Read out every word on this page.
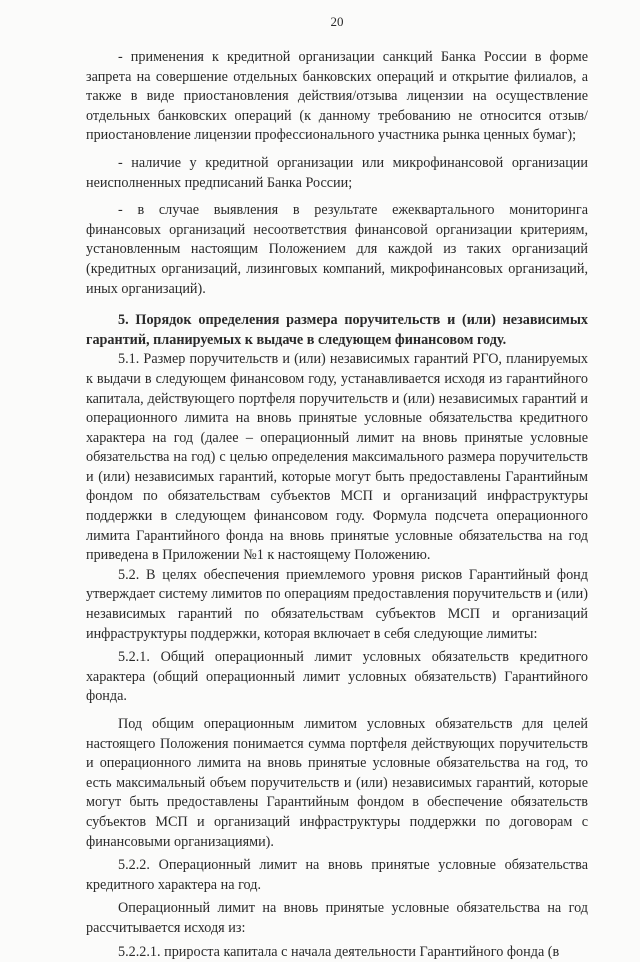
20

- применения к кредитной организации санкций Банка России в форме запрета на совершение отдельных банковских операций и открытие филиалов, а также в виде приостановления действия/отзыва лицензии на осуществление отдельных банковских операций (к данному требованию не относится отзыв/приостановление лицензии профессионального участника рынка ценных бумаг);

- наличие у кредитной организации или микрофинансовой организации неисполненных предписаний Банка России;

- в случае выявления в результате ежеквартального мониторинга финансовых организаций несоответствия финансовой организации критериям, установленным настоящим Положением для каждой из таких организаций (кредитных организаций, лизинговых компаний, микрофинансовых организаций, иных организаций).

5. Порядок определения размера поручительств и (или) независимых гарантий, планируемых к выдаче в следующем финансовом году.

5.1. Размер поручительств и (или) независимых гарантий РГО, планируемых к выдачи в следующем финансовом году, устанавливается исходя из гарантийного капитала, действующего портфеля поручительств и (или) независимых гарантий и операционного лимита на вновь принятые условные обязательства кредитного характера на год (далее – операционный лимит на вновь принятые условные обязательства на год) с целью определения максимального размера поручительств и (или) независимых гарантий, которые могут быть предоставлены Гарантийным фондом по обязательствам субъектов МСП и организаций инфраструктуры поддержки в следующем финансовом году. Формула подсчета операционного лимита Гарантийного фонда на вновь принятые условные обязательства на год приведена в Приложении №1 к настоящему Положению.

5.2. В целях обеспечения приемлемого уровня рисков Гарантийный фонд утверждает систему лимитов по операциям предоставления поручительств и (или) независимых гарантий по обязательствам субъектов МСП и организаций инфраструктуры поддержки, которая включает в себя следующие лимиты:

5.2.1. Общий операционный лимит условных обязательств кредитного характера (общий операционный лимит условных обязательств) Гарантийного фонда.

Под общим операционным лимитом условных обязательств для целей настоящего Положения понимается сумма портфеля действующих поручительств и операционного лимита на вновь принятые условные обязательства на год, то есть максимальный объем поручительств и (или) независимых гарантий, которые могут быть предоставлены Гарантийным фондом в обеспечение обязательств субъектов МСП и организаций инфраструктуры поддержки по договорам с финансовыми организациями).

5.2.2. Операционный лимит на вновь принятые условные обязательства кредитного характера на год.

Операционный лимит на вновь принятые условные обязательства на год рассчитывается исходя из:

5.2.2.1. прироста капитала с начала деятельности Гарантийного фонда (в
